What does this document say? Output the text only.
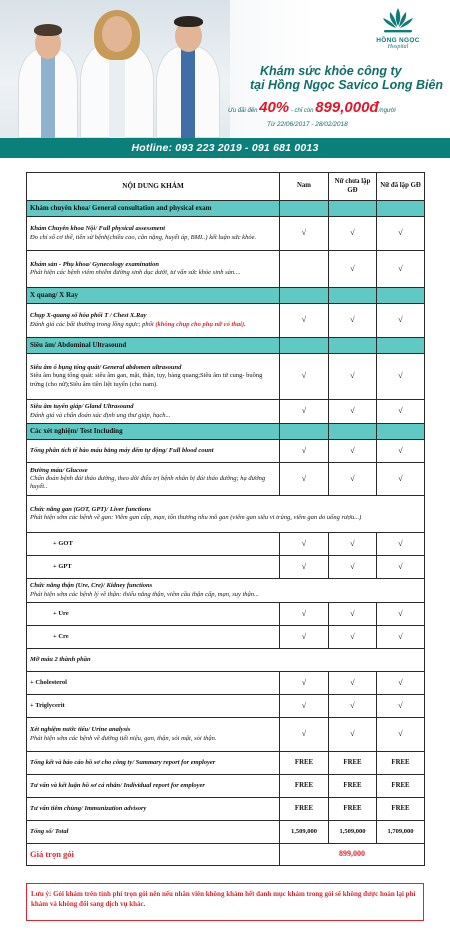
HỒNG NGỌC
Hospital
Khám sức khỏe công ty
tại Hồng Ngọc Savico Long Biên
Ưu đãi đến 40% - chỉ còn 899,000đ/người
Từ 22/06/2017 - 28/02/2018
Hotline: 093 223 2019 - 091 681 0013
NỘI DUNG KHÁM	Nam	Nữ chưa lập GĐ	Nữ đã lập GĐ
Khám chuyên khoa/ General consultation and physical exam			

Khám Chuyên khoa Nội/ Full physical assessment
Đo chỉ số cơ thể, tiền sử bệnh(chiều cao, cân nặng, huyết áp, BMI..) kết luận sức khỏe.	√	√	√

Khám sản - Phụ khoa/ Gynecology examination
Phát hiện các bệnh viêm nhiễm đường sinh dục dưới, tư vấn sức khỏe sinh sản....		√	√
X quang/ X Ray			

Chụp X-quang số hóa phổi T / Chest X.Ray
Đánh giá các bất thường trong lồng ngực; phổi (không chụp cho phụ nữ có thai).	√	√	√
Siêu âm/ Abdominal Ultrasound			

Siêu âm ổ bụng tổng quát/ General abdomen ultrasound
Siêu âm bụng tổng quát: siêu âm gan, mật, thận, tụy, bàng quang;Siêu âm tử cung- buồng trứng (cho nữ);Siêu âm tiền liệt tuyến (cho nam).	√	√	√

Siêu âm tuyến giáp/ Gland Ultrasound
Đánh giá và chẩn đoán xác định ung thư giáp, hạch...	√	√	√
Các xét nghiệm/ Test Including			

Tổng phân tích tế bào máu bằng máy đếm tự động/ Full blood count	√	√	√

Đường máu/ Glucose
Chẩn đoán bệnh đái tháo đường, theo dõi điều trị bệnh nhân bị đái tháo đường; hạ đường huyết..	√	√	√

Chức năng gan (GOT, GPT)/ Liver functions
Phát hiện sớm các bệnh về gan: Viêm gan cấp, mạn, tổn thương nhu mô gan (viêm gan siêu vi trùng, viêm gan do uống rượu...)			

+ GOT	√	√	√
+ GPT	√	√	√

Chức năng thận (Ure, Cre)/ Kidney functions
Phát hiện sớm các bệnh lý về thận: thiểu năng thận, viêm cầu thận cấp, mạn, suy thận...			

+ Ure	√	√	√
+ Cre	√	√	√

Mỡ máu 2 thành phần			

+ Cholesterol	√	√	√
+ Triglycerit	√	√	√

Xét nghiệm nước tiểu/ Urine analysis
Phát hiện sớm các bệnh về đường tiết niệu, gan, thận, sỏi mật, sỏi thận.	√	√	√

Tổng kết và báo cáo hồ sơ cho công ty/ Summary report for employer	FREE	FREE	FREE

Tư vấn và kết luận hồ sơ cá nhân/ Individual report for employer	FREE	FREE	FREE

Tư vấn tiêm chủng/ Immunization advisory	FREE	FREE	FREE

Tổng số/ Total	1,509,000	1,509,000	1,709,000
Giá trọn gói	899,000		
Lưu ý: Gói khám trên tính phí trọn gói nên nếu nhân viên không khám hết danh mục khám trong gói sẽ không được hoàn lại phí khám và không đổi sang dịch vụ khác.
